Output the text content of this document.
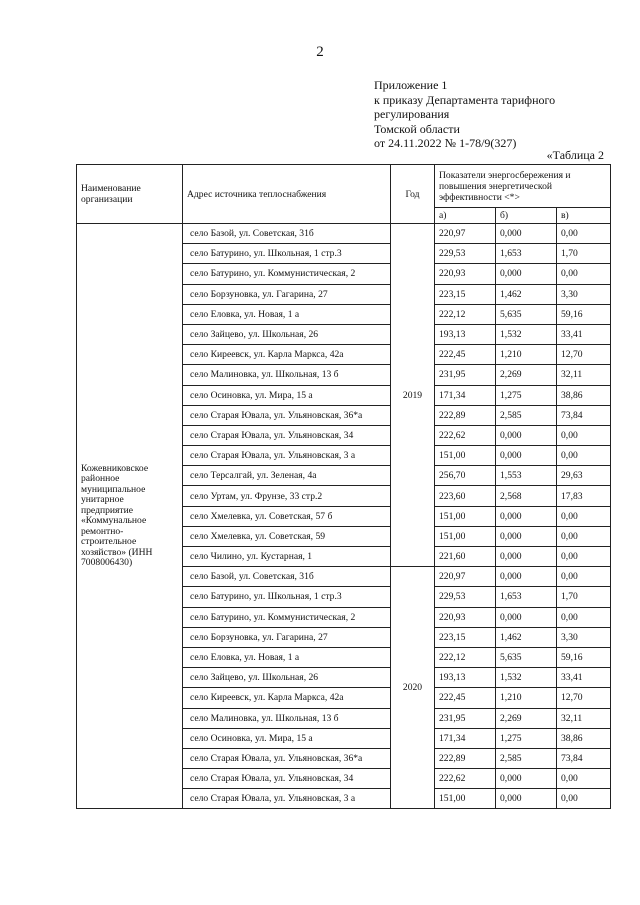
2
Приложение 1
к приказу Департамента тарифного
регулирования
Томской области
от 24.11.2022 № 1-78/9(327)
«Таблица 2
Наименование организации	Адрес источника теплоснабжения	Год	Показатели энергосбережения и повышения энергетической эффективности <*>		
			а)	б)	в)
Кожевниковское районное муниципальное унитарное предприятие «Коммунальное ремонтно-строительное хозяйство» (ИНН 7008006430)	село Базой, ул. Советская, 31б	2019	220,97	0,000	0,00
	село Батурино, ул. Школьная, 1 стр.3		229,53	1,653	1,70
	село Батурино, ул. Коммунистическая, 2		220,93	0,000	0,00
	село Борзуновка, ул. Гагарина, 27		223,15	1,462	3,30
	село Еловка, ул. Новая, 1 а		222,12	5,635	59,16
	село Зайцево, ул. Школьная, 26		193,13	1,532	33,41
	село Киреевск, ул. Карла Маркса, 42а		222,45	1,210	12,70
	село Малиновка, ул. Школьная, 13 б		231,95	2,269	32,11
	село Осиновка, ул. Мира, 15 а		171,34	1,275	38,86
	село Старая Ювала, ул. Ульяновская, 36*а		222,89	2,585	73,84
	село Старая Ювала, ул. Ульяновская, 34		222,62	0,000	0,00
	село Старая Ювала, ул. Ульяновская, 3 а		151,00	0,000	0,00
	село Терсалгай, ул. Зеленая, 4а		256,70	1,553	29,63
	село Уртам, ул. Фрунзе, 33 стр.2		223,60	2,568	17,83
	село Хмелевка, ул. Советская, 57 б		151,00	0,000	0,00
	село Хмелевка, ул. Советская, 59		151,00	0,000	0,00
	село Чилино, ул. Кустарная, 1		221,60	0,000	0,00
	село Базой, ул. Советская, 31б	2020	220,97	0,000	0,00
	село Батурино, ул. Школьная, 1 стр.3		229,53	1,653	1,70
	село Батурино, ул. Коммунистическая, 2		220,93	0,000	0,00
	село Борзуновка, ул. Гагарина, 27		223,15	1,462	3,30
	село Еловка, ул. Новая, 1 а		222,12	5,635	59,16
	село Зайцево, ул. Школьная, 26		193,13	1,532	33,41
	село Киреевск, ул. Карла Маркса, 42а		222,45	1,210	12,70
	село Малиновка, ул. Школьная, 13 б		231,95	2,269	32,11
	село Осиновка, ул. Мира, 15 а		171,34	1,275	38,86
	село Старая Ювала, ул. Ульяновская, 36*а		222,89	2,585	73,84
	село Старая Ювала, ул. Ульяновская, 34		222,62	0,000	0,00
	село Старая Ювала, ул. Ульяновская, 3 а		151,00	0,000	0,00
